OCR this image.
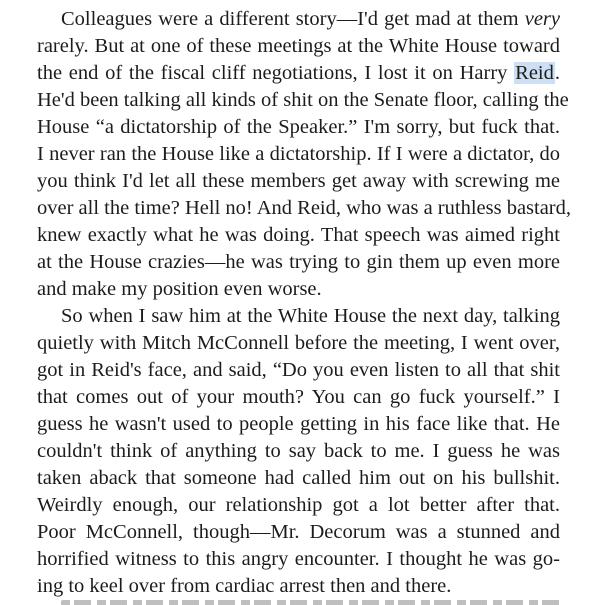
Colleagues were a different story—I'd get mad at them very
rarely. But at one of these meetings at the White House toward
the end of the fiscal cliff negotiations, I lost it on Harry Reid.
He'd been talking all kinds of shit on the Senate floor, calling the
House “a dictatorship of the Speaker.” I'm sorry, but fuck that.
I never ran the House like a dictatorship. If I were a dictator, do
you think I'd let all these members get away with screwing me
over all the time? Hell no! And Reid, who was a ruthless bastard,
knew exactly what he was doing. That speech was aimed right
at the House crazies—he was trying to gin them up even more
and make my position even worse.
So when I saw him at the White House the next day, talking
quietly with Mitch McConnell before the meeting, I went over,
got in Reid's face, and said, “Do you even listen to all that shit
that comes out of your mouth? You can go fuck yourself.” I
guess he wasn't used to people getting in his face like that. He
couldn't think of anything to say back to me. I guess he was
taken aback that someone had called him out on his bullshit.
Weirdly enough, our relationship got a lot better after that.
Poor McConnell, though—Mr. Decorum was a stunned and
horrified witness to this angry encounter. I thought he was go-
ing to keel over from cardiac arrest then and there.
